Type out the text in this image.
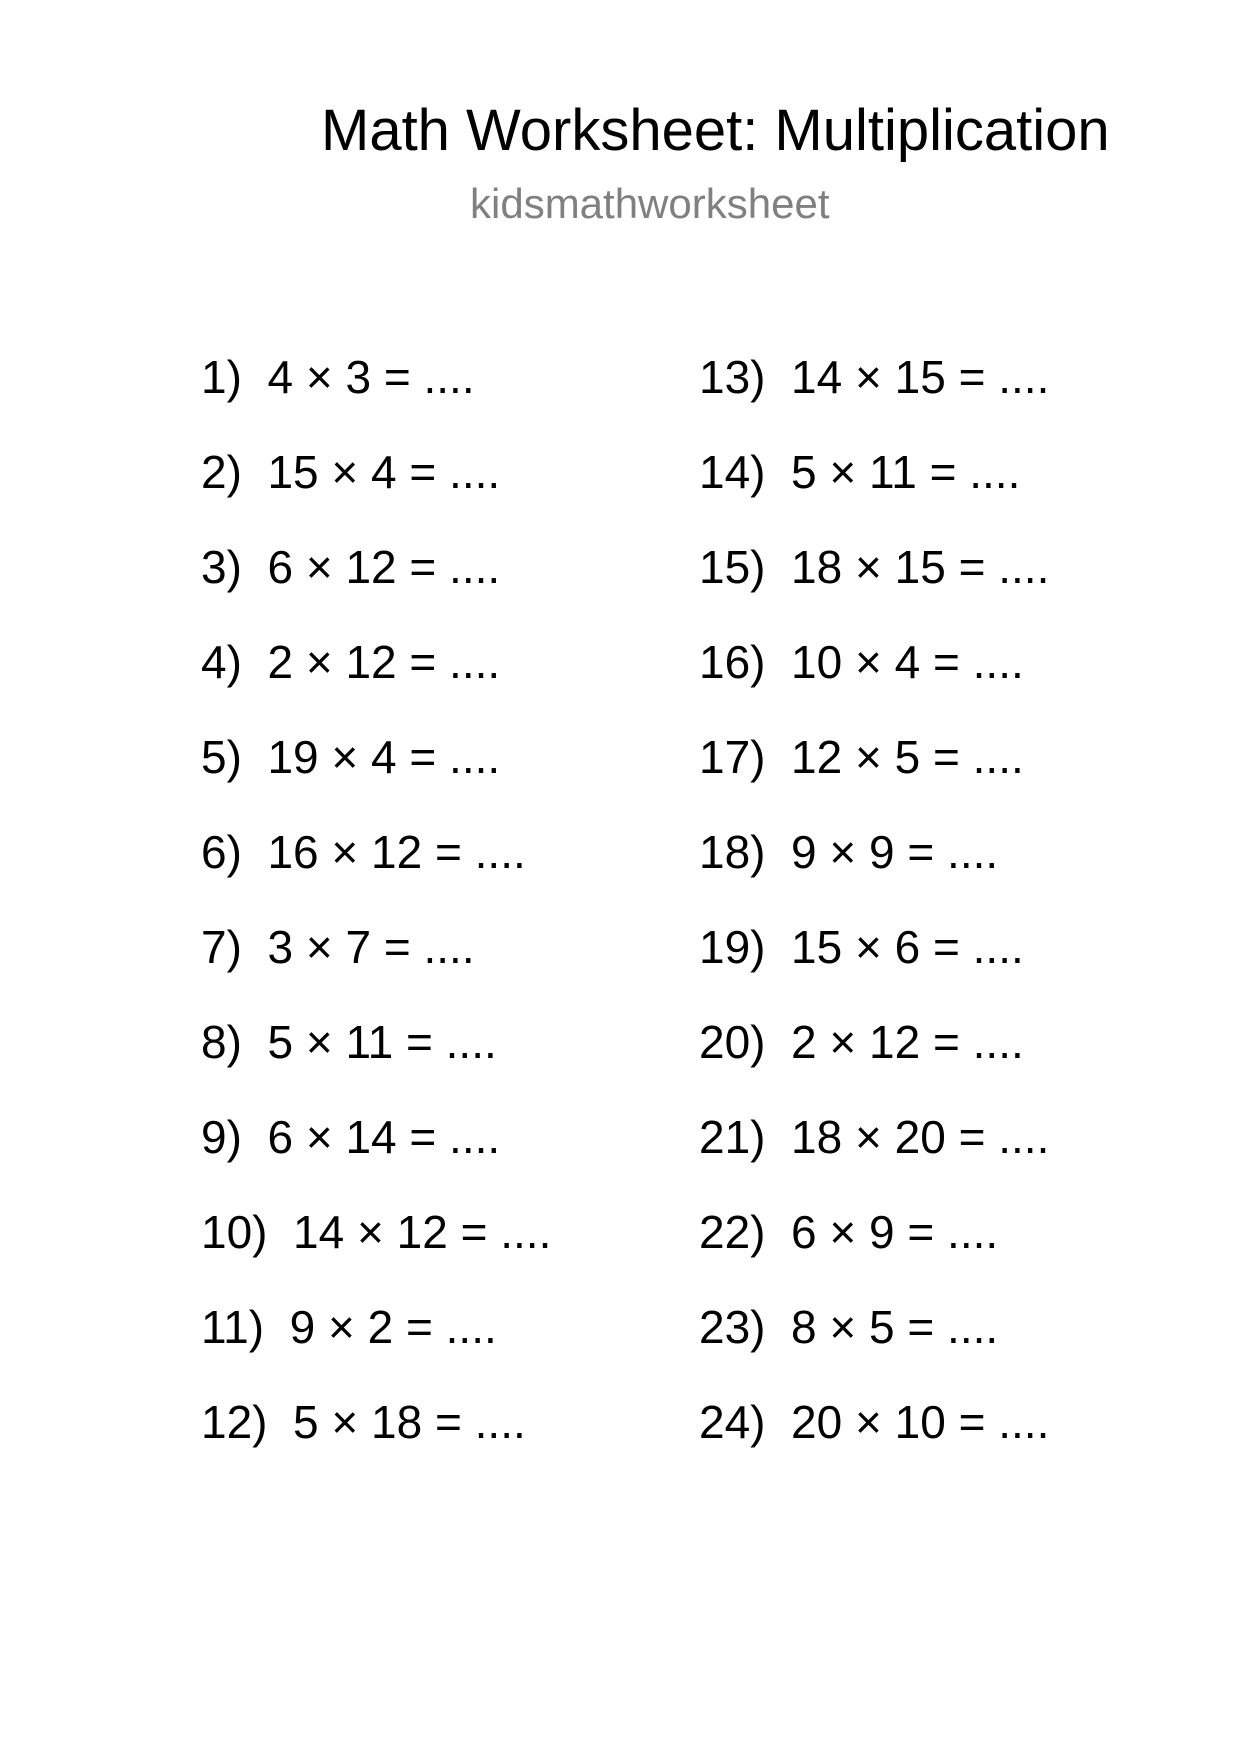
Math Worksheet: Multiplication
kidsmathworksheet
1)  4 × 3 = ....
2)  15 × 4 = ....
3)  6 × 12 = ....
4)  2 × 12 = ....
5)  19 × 4 = ....
6)  16 × 12 = ....
7)  3 × 7 = ....
8)  5 × 11 = ....
9)  6 × 14 = ....
10)  14 × 12 = ....
11)  9 × 2 = ....
12)  5 × 18 = ....
13)  14 × 15 = ....
14)  5 × 11 = ....
15)  18 × 15 = ....
16)  10 × 4 = ....
17)  12 × 5 = ....
18)  9 × 9 = ....
19)  15 × 6 = ....
20)  2 × 12 = ....
21)  18 × 20 = ....
22)  6 × 9 = ....
23)  8 × 5 = ....
24)  20 × 10 = ....
